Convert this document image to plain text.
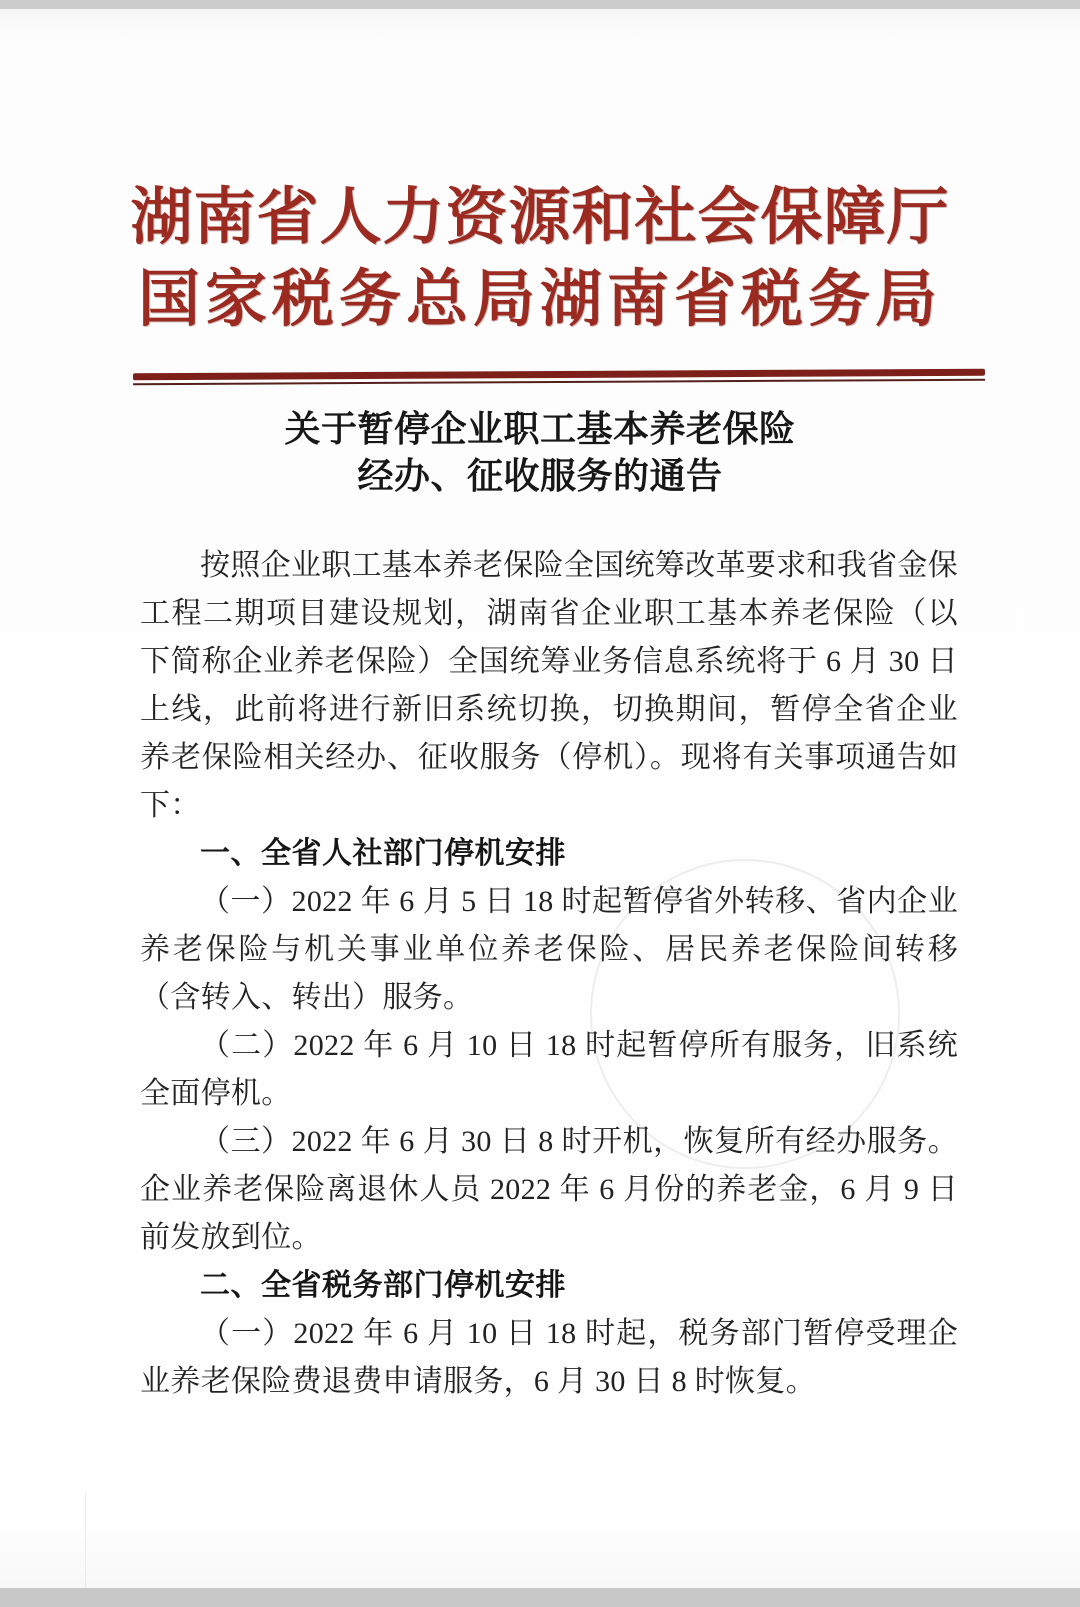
湖南省人力资源和社会保障厅
国家税务总局湖南省税务局
关于暂停企业职工基本养老保险
经办、征收服务的通告

按照企业职工基本养老保险全国统筹改革要求和我省金保工程二期项目建设规划，湖南省企业职工基本养老保险（以下简称企业养老保险）全国统筹业务信息系统将于 6 月 30 日上线，此前将进行新旧系统切换，切换期间，暂停全省企业养老保险相关经办、征收服务（停机）。现将有关事项通告如下：

一、全省人社部门停机安排

（一）2022 年 6 月 5 日 18 时起暂停省外转移、省内企业养老保险与机关事业单位养老保险、居民养老保险间转移（含转入、转出）服务。

（二）2022 年 6 月 10 日 18 时起暂停所有服务，旧系统全面停机。

（三）2022 年 6 月 30 日 8 时开机，恢复所有经办服务。企业养老保险离退休人员 2022 年 6 月份的养老金，6 月 9 日前发放到位。

二、全省税务部门停机安排

（一）2022 年 6 月 10 日 18 时起，税务部门暂停受理企业养老保险费退费申请服务，6 月 30 日 8 时恢复。
